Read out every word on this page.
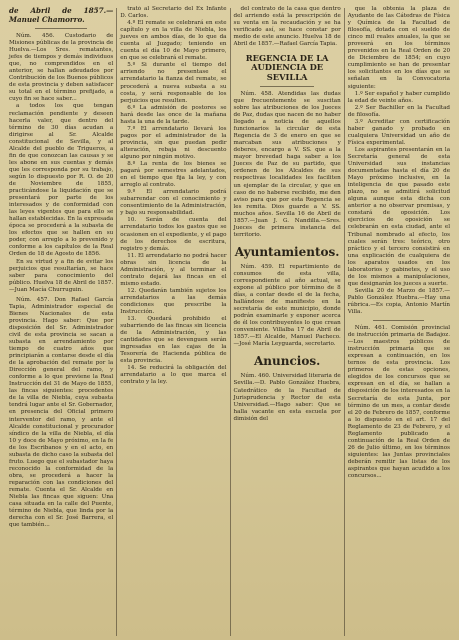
de Abril de 1857.—Manuel Chamorro.

Núm. 456. Custodario de Misiones públicas de la provincia de Huelva.—Los Sres. rematantes, jefes de tiempos y demás individuos que, no comprendidos en el anterior, se hallan adeudados por Contribución de los Buenos públicos de esta provincia y deben satisfacer su total en el término prefijado, a cuyo fin se hace saber...

a todos los que tengan reclamación pendiente y deseen hacerla valer, que dentro del término de 30 días acudan a dirigirse al Sr. Alcalde constitucional de Sevilla, y al Alcalde del pueblo de Trigueros, a fin de que conozcan las causas y se les abone en sus cuentas y demás que les corresponda por su trabajo, según lo dispuesto por R. O. de 20 de Noviembre de 1855, practicándose la liquidación que se presentará por parte de los interesados y de conformidad con las leyes vigentes que para ello se hallan establecidas. En la expresada época se procederá a la subasta de los efectos que se hallen en su poder, con arreglo a lo prevenido y conforme a los capítulos de la Real Orden de 18 de Agosto de 1856.

En su virtud y a fin de evitar los perjuicios que resultarían, se hace saber para conocimiento del público. Huelva 18 de Abril de 1857.—Juan Macía Churruguin.

Núm. 457. Don Rafael García Tapia, Administrador especial de Bienes Nacionales de esta provincia. Hago saber: Que por disposición del Sr. Administrador civil de esta provincia se sacan a subasta en arrendamiento por tiempo de cuatro años que principiarán a contarse desde el día de la aprobación del remate por la Dirección general del ramo, y conforme a lo que previene la Real Instrucción del 31 de Mayo de 1855, las fincas siguientes: procedentes de la villa de Niebla, cuya subasta tendrá lugar ante el Sr. Gobernador, en presencia del Oficial primero interventor del ramo, y ante el Alcalde constitucional y procurador síndico de la villa de Niebla, el día 10 y doce de Mayo próximo, en la fe de los Escribanos y en el acto, en subasta de dicho caso la subasta del fruto. Luego que el subastador haya reconocido la conformidad de la obra, se procederá a hacer la reparación con las condiciones del remate. Cuenta el Sr. Alcalde en Niebla las fincas que siguen: Una casa situada en la calle del Puente, término de Niebla, que linda por la derecha con el Sr. José Barrera, el que también...

trató al Secretario del Ex Infante D. Carlos.

4.º El remate se celebrará en este capítulo y en la villa de Niebla, los jueves en ambos días, de lo que da cuenta al Juzgado; teniendo en cuenta el día 10 de Mayo primero, en que se celebrará el remate.

5.º Si durante el tiempo del arriendo no presentase el arrendatario la fianza del remate, se procederá a nueva subasta a su costa, y será responsable de los perjuicios que resulten.

6.º La admisión de postores se hará desde las once de la mañana hasta la una de la tarde.

7.º El arrendatario llevará los pagos por el administrador de la provincia, sin que puedan pedir alteración, rebaja ni descuento alguno por ningún motivo.

8.º La renta de los bienes se pagará por semestres adelantados, en el tiempo que fija la ley, y con arreglo al contrato.

9.º El arrendatario podrá subarrendar con el conocimiento y consentimiento de la Administración, y bajo su responsabilidad.

10. Serán de cuenta del arrendatario todos los gastos que se ocasionen en el expediente, y el pago de los derechos de escritura, registro y demás.

11. El arrendatario no podrá hacer obras sin licencia de la Administración, y al terminar el contrato dejará las fincas en el mismo estado.

12. Quedarán también sujetos los arrendatarios a las demás condiciones que prescribe la Instrucción.

13. Quedará prohibido el subarriendo de las fincas sin licencia de la Administración, y las cantidades que se devenguen serán ingresadas en las cajas de la Tesorería de Hacienda pública de esta provincia.

14. Se reducirá la obligación del arrendatario a lo que marca el contrato y la ley.

del contrato de la casa que dentro del arriendo está la prescripción de su venta en la recaudación y se ha verificado así, se hace constar por medio de este anuncio. Huelva 18 de Abril de 1857.—Rafael García Tapia.

REGENCIA DE LA AUDIENCIA DE SEVILLA

Núm. 458. Atendidas las dudas que frecuentemente se suscitan sobre las atribuciones de los Jueces de Paz, dudas que nacen de no haber llegado a noticia de aquellos funcionarios la circular de esta Regencia de 3 de enero en que se marcaban sus atribuciones y deberes, encargo a V. SS. que a la mayor brevedad haga saber a los Jueces de Paz de su partido, que ordenen de los Alcaldes de sus respectivas localidades les faciliten un ejemplar de la circular, y que en caso de no haberse recibido, me den aviso para que por esta Regencia se les remita. Dios guarde a V. SS. muchos años. Sevilla 16 de Abril de 1857.—Juan J. G. Nandilla.—Sres. Jueces de primera instancia del territorio.

Ayuntamientos.

Núm. 459. El repartimiento de consumos de esta villa, correspondiente al año actual, se expone al público por término de 8 días, a contar desde el de la fecha, hallándose de manifiesto en la secretaría de este municipio, donde podrán examinarle y exponer acerca de él los contribuyentes lo que crean conveniente. Villalba 17 de Abril de 1857.—El Alcalde, Manuel Pacheco.—José María Leyguarda, secretario.

Anuncios.

Núm. 460. Universidad literaria de Sevilla.—D. Pablo González Huebra, Catedrático de la Facultad de Jurisprudencia y Rector de esta Universidad.—Hago saber: Que se halla vacante en esta escuela por dimisión del

que la obtenía la plaza de Ayudante de las Cátedras de Física y Química de la Facultad de filosofía, dotada con el sueldo de cinco mil reales anuales, la que se proveerá en los términos prevenidos en la Real Orden de 20 de Diciembre de 1854; en cuyo cumplimiento se han de presentar los solicitantes en los días que se señalan en la Convocatoria siguiente:

1.º Ser español y haber cumplido la edad de veinte años.

2.º Ser Bachiller en la Facultad de filosofía.

3.º Acreditar con certificación haber ganado y probado en cualquiera Universidad un año de Física experimental.

Los aspirantes presentarán en la Secretaría general de esta Universidad sus instancias documentadas hasta el día 20 de Mayo próximo inclusive, en la inteligencia de que pasado este plazo, no se admitirá solicitud alguna aunque esta dicha con anterior a no observar premisas, y constará de oposición. Los ejercicios de oposición se celebrarán en esta ciudad, ante el Tribunal nombrado al efecto, los cuales serán tres: teórico, otro práctico y el tercero consistirá en una explicación de cualquiera de los aparatos usados en los laboratorios y gabinetes, y el uso de los mismos a manipulaciones, que designarán los jueces a suerte.

Sevilla 20 de Marzo de 1857.—Pablo González Huebra.—Hay una rúbrica.—Es copia, Antonio Martín Villa.

Núm. 461. Comisión provincial de instrucción primaria de Badajoz.—Los maestros públicos de instrucción primaria que se expresan a continuación, en los ternos de esta provincia. Los primeros de estas opciones, elegidos de los concursos que se expresan en el día, se hallan a disposición de los interesados en la Secretaría de esta Junta, por término de un mes, a contar desde el 20 de Febrero de 1857, conforme a lo dispuesto en el art. 17 del Reglamento de 23 de Febrero, y el Reglamento publicado a continuación de la Real Orden de 26 de Julio último, en los términos siguientes: las Juntas provinciales deberán remitir las listas de los aspirantes que hayan acudido a los concursos...
